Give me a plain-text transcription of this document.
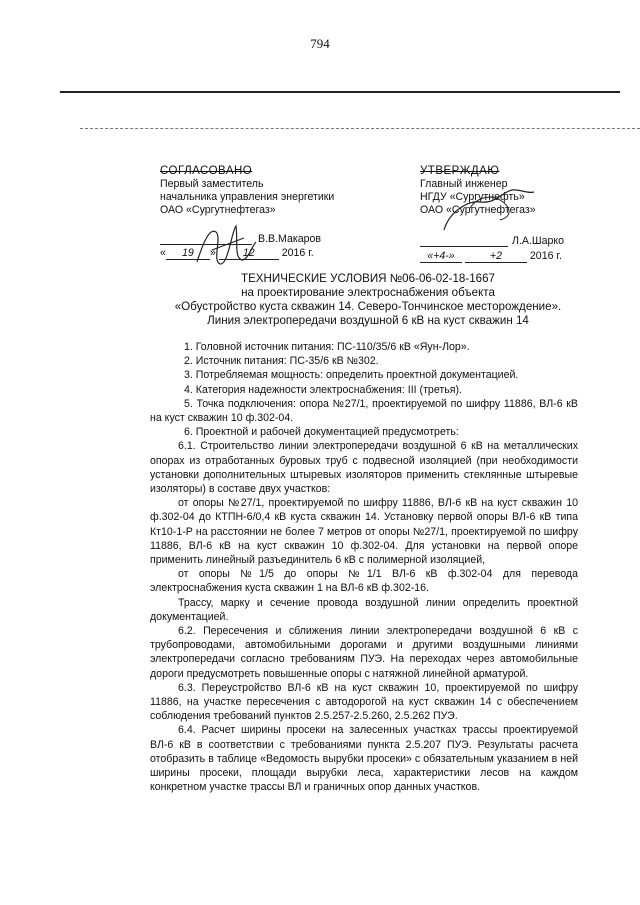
794
СОГЛАСОВАНО
Первый заместитель
начальника управления энергетики
ОАО «Сургутнефтегаз»
В.В.Макаров
« 19 »	12	2016 г.
УТВЕРЖДАЮ
Главный инженер
НГДУ «Сургутнефть»
ОАО «Сургутнефтегаз»
Л.А.Шарко
«+4-»	+2	2016 г.
ТЕХНИЧЕСКИЕ УСЛОВИЯ №06-06-02-18-1667
на проектирование электроснабжения объекта
«Обустройство куста скважин 14. Северо-Тончинское месторождение».
Линия электропередачи воздушной 6 кВ на куст скважин 14

1. Головной источник питания: ПС-110/35/6 кВ «Яун-Лор».

2. Источник питания: ПС-35/6 кВ №302.

3. Потребляемая мощность: определить проектной документацией.

4. Категория надежности электроснабжения: III (третья).

5. Точка подключения: опора №27/1, проектируемой по шифру 11886, ВЛ-6 кВ на куст скважин 10 ф.302-04.

6. Проектной и рабочей документацией предусмотреть:

6.1. Строительство линии электропередачи воздушной 6 кВ на металлических опорах из отработанных буровых труб с подвесной изоляцией (при необходимости установки дополнительных штыревых изоляторов применить стеклянные штыревые изоляторы) в составе двух участков:

от опоры №27/1, проектируемой по шифру 11886, ВЛ-6 кВ на куст скважин 10 ф.302-04 до КТПН-6/0,4 кВ куста скважин 14. Установку первой опоры ВЛ-6 кВ типа Кт10-1-Р на расстоянии не более 7 метров от опоры №27/1, проектируемой по шифру 11886, ВЛ-6 кВ на куст скважин 10 ф.302-04. Для установки на первой опоре применить линейный разъединитель 6 кВ с полимерной изоляцией,

от опоры №1/5 до опоры №1/1 ВЛ-6 кВ ф.302-04 для перевода электроснабжения куста скважин 1 на ВЛ-6 кВ ф.302-16.

Трассу, марку и сечение провода воздушной линии определить проектной документацией.

6.2. Пересечения и сближения линии электропередачи воздушной 6 кВ с трубопроводами, автомобильными дорогами и другими воздушными линиями электропередачи согласно требованиям ПУЭ. На переходах через автомобильные дороги предусмотреть повышенные опоры с натяжной линейной арматурой.

6.3. Переустройство ВЛ-6 кВ на куст скважин 10, проектируемой по шифру 11886, на участке пересечения с автодорогой на куст скважин 14 с обеспечением соблюдения требований пунктов 2.5.257-2.5.260, 2.5.262 ПУЭ.

6.4. Расчет ширины просеки на залесенных участках трассы проектируемой ВЛ-6 кВ в соответствии с требованиями пункта 2.5.207 ПУЭ. Результаты расчета отобразить в таблице «Ведомость вырубки просеки» с обязательным указанием в ней ширины просеки, площади вырубки леса, характеристики лесов на каждом конкретном участке трассы ВЛ и граничных опор данных участков.
